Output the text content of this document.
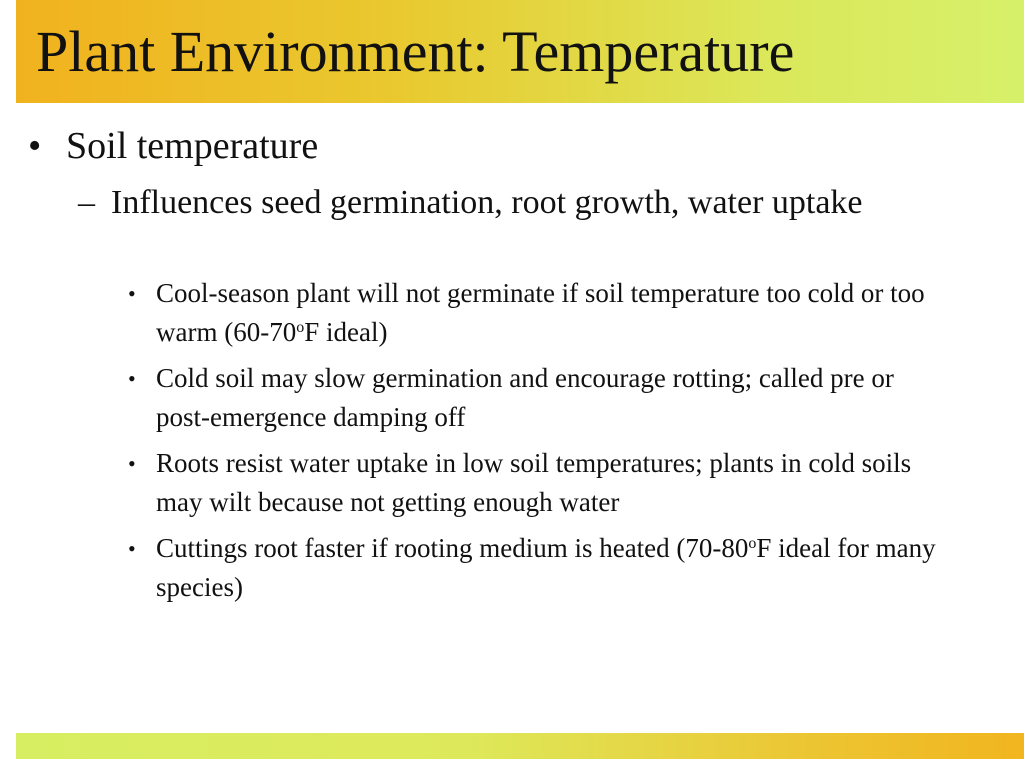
Plant Environment: Temperature
• Soil temperature
– Influences seed germination, root growth, water uptake
• Cool-season plant will not germinate if soil temperature too cold or too warm (60-70$^o$F ideal)
• Cold soil may slow germination and encourage rotting; called pre or post-emergence damping off
• Roots resist water uptake in low soil temperatures; plants in cold soils may wilt because not getting enough water
• Cuttings root faster if rooting medium is heated (70-80$^o$F ideal for many species)
